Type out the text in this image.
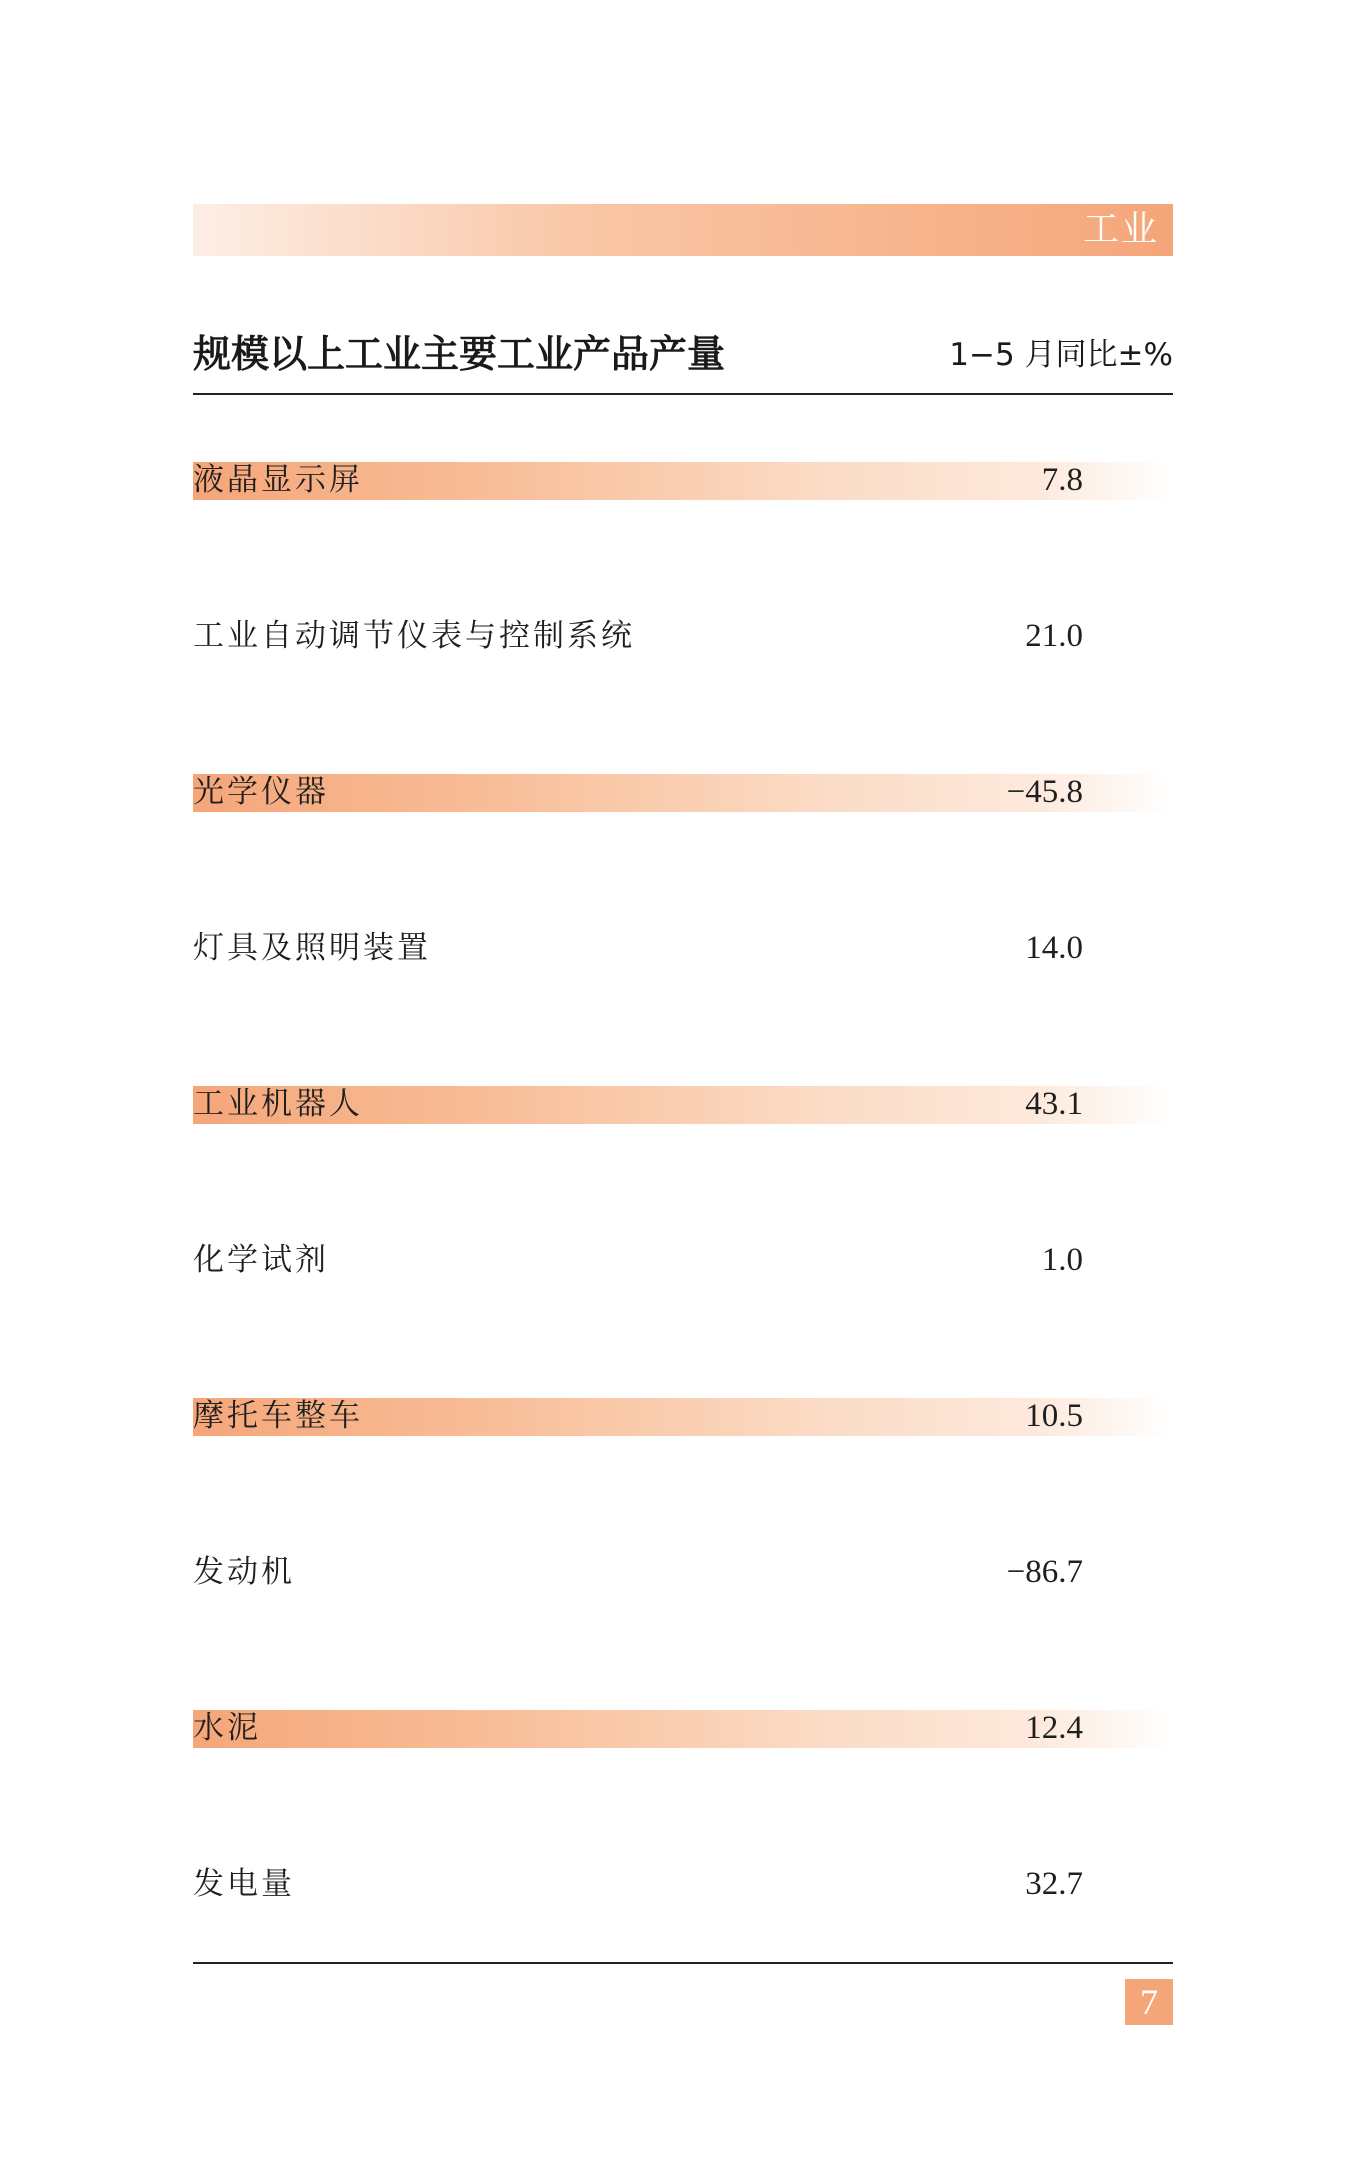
工业
规模以上工业主要工业产品产量	1−5 月同比±%
液晶显示屏	7.8
工业自动调节仪表与控制系统	21.0
光学仪器	−45.8
灯具及照明装置	14.0
工业机器人	43.1
化学试剂	1.0
摩托车整车	10.5
发动机	−86.7
水泥	12.4
发电量	32.7
7
